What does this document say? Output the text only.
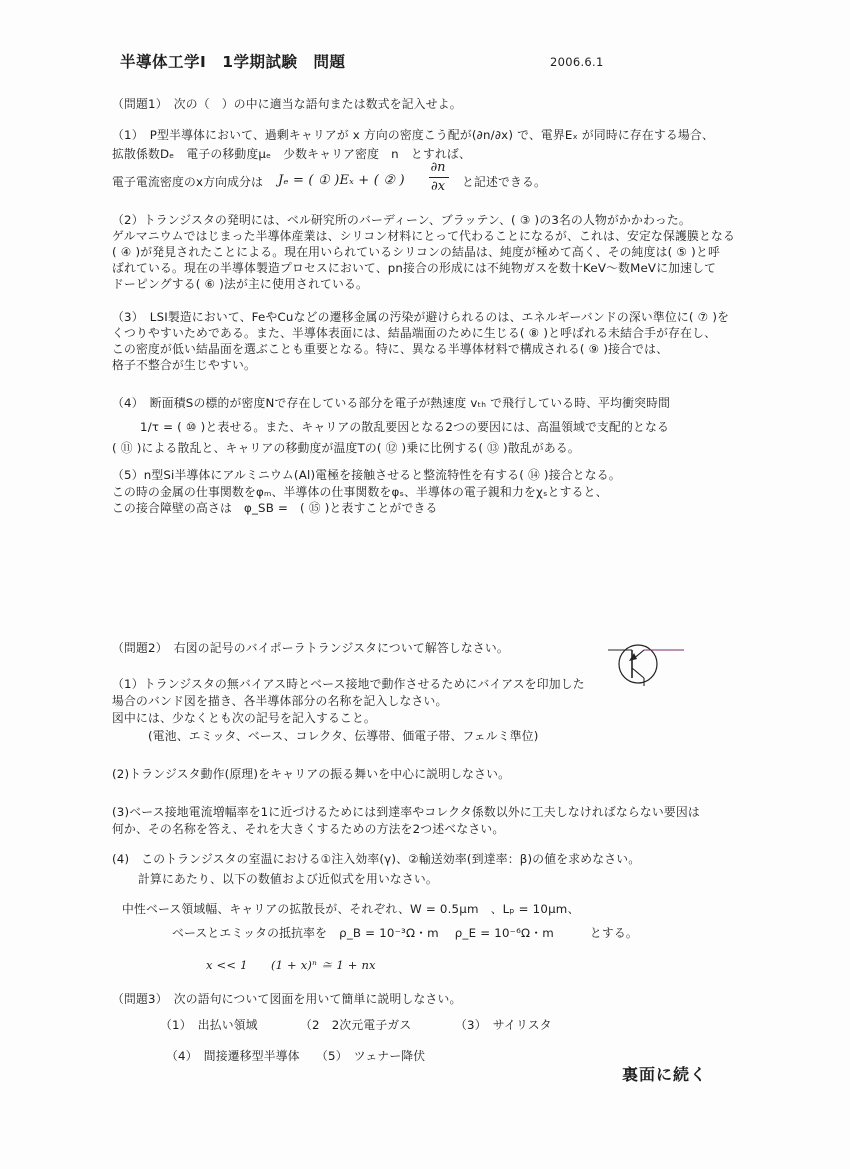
半導体工学Ⅰ　1学期試験　問題	2006.6.1
（問題1）　次の（　）の中に適当な語句または数式を記入せよ。
（1）　P型半導体において、過剰キャリアが x 方向の密度こう配が(∂n/∂x) で、電界Eₓ が同時に存在する場合、
拡散係数Dₑ　電子の移動度μₑ　少数キャリア密度　n　とすれば、
電子電流密度のx方向成分は Jₑ = ( ① )Eₓ + ( ② )
∂n
∂x	と記述できる。
（2）トランジスタの発明には、ベル研究所のバーディーン、ブラッテン、( ③ )の3名の人物がかかわった。
ゲルマニウムではじまった半導体産業は、シリコン材料にとって代わることになるが、これは、安定な保護膜となる
( ④ )が発見されたことによる。現在用いられているシリコンの結晶は、純度が極めて高く、その純度は( ⑤ )と呼
ばれている。現在の半導体製造プロセスにおいて、pn接合の形成には不純物ガスを数十KeV～数MeVに加速して
ドーピングする( ⑥ )法が主に使用されている。
（3）　LSI製造において、FeやCuなどの遷移金属の汚染が避けられるのは、エネルギーバンドの深い準位に( ⑦ )を
くつりやすいためである。また、半導体表面には、結晶端面のために生じる( ⑧ )と呼ばれる未結合手が存在し、
この密度が低い結晶面を選ぶことも重要となる。特に、異なる半導体材料で構成される( ⑨ )接合では、
格子不整合が生じやすい。
（4）　断面積Sの標的が密度Nで存在している部分を電子が熱速度 vₜₕ で飛行している時、平均衝突時間
1/τ = ( ⑩ )と表せる。また、キャリアの散乱要因となる2つの要因には、高温領域で支配的となる
( ⑪ )による散乱と、キャリアの移動度が温度Tの( ⑫ )乗に比例する( ⑬ )散乱がある。
（5）n型Si半導体にアルミニウム(Al)電極を接触させると整流特性を有する( ⑭ )接合となる。
この時の金属の仕事関数をφₘ、半導体の仕事関数をφₛ、半導体の電子親和力をχₛとすると、
この接合障壁の高さは　φ_SB =　( ⑮ )と表すことができる
（問題2）　右図の記号のバイポーラトランジスタについて解答しなさい。
（1）トランジスタの無バイアス時とベース接地で動作させるためにバイアスを印加した
場合のバンド図を描き、各半導体部分の名称を記入しなさい。
図中には、少なくとも次の記号を記入すること。
(電池、エミッタ、ベース、コレクタ、伝導帯、価電子帯、フェルミ準位)
(2)トランジスタ動作(原理)をキャリアの振る舞いを中心に説明しなさい。
(3)ベース接地電流増幅率を1に近づけるためには到達率やコレクタ係数以外に工夫しなければならない要因は
何か、その名称を答え、それを大きくするための方法を2つ述べなさい。
(4)　このトランジスタの室温における①注入効率(γ)、②輸送効率(到達率：β)の値を求めなさい。
計算にあたり、以下の数値および近似式を用いなさい。
中性ベース領域幅、キャリアの拡散長が、それぞれ、W = 0.5μm　、Lₚ = 10μm、
ベースとエミッタの抵抗率を　ρ_B = 10⁻³Ω・m　 ρ_E = 10⁻⁶Ω・m　　　とする。
x << 1　　(1 + x)ⁿ ≅ 1 + nx
（問題3）　次の語句について図面を用いて簡単に説明しなさい。
（1）　出払い領域	（2　2次元電子ガス	（3）　サイリスタ
（4）　間接遷移型半導体 （5）　ツェナー降伏
裏面に続く
